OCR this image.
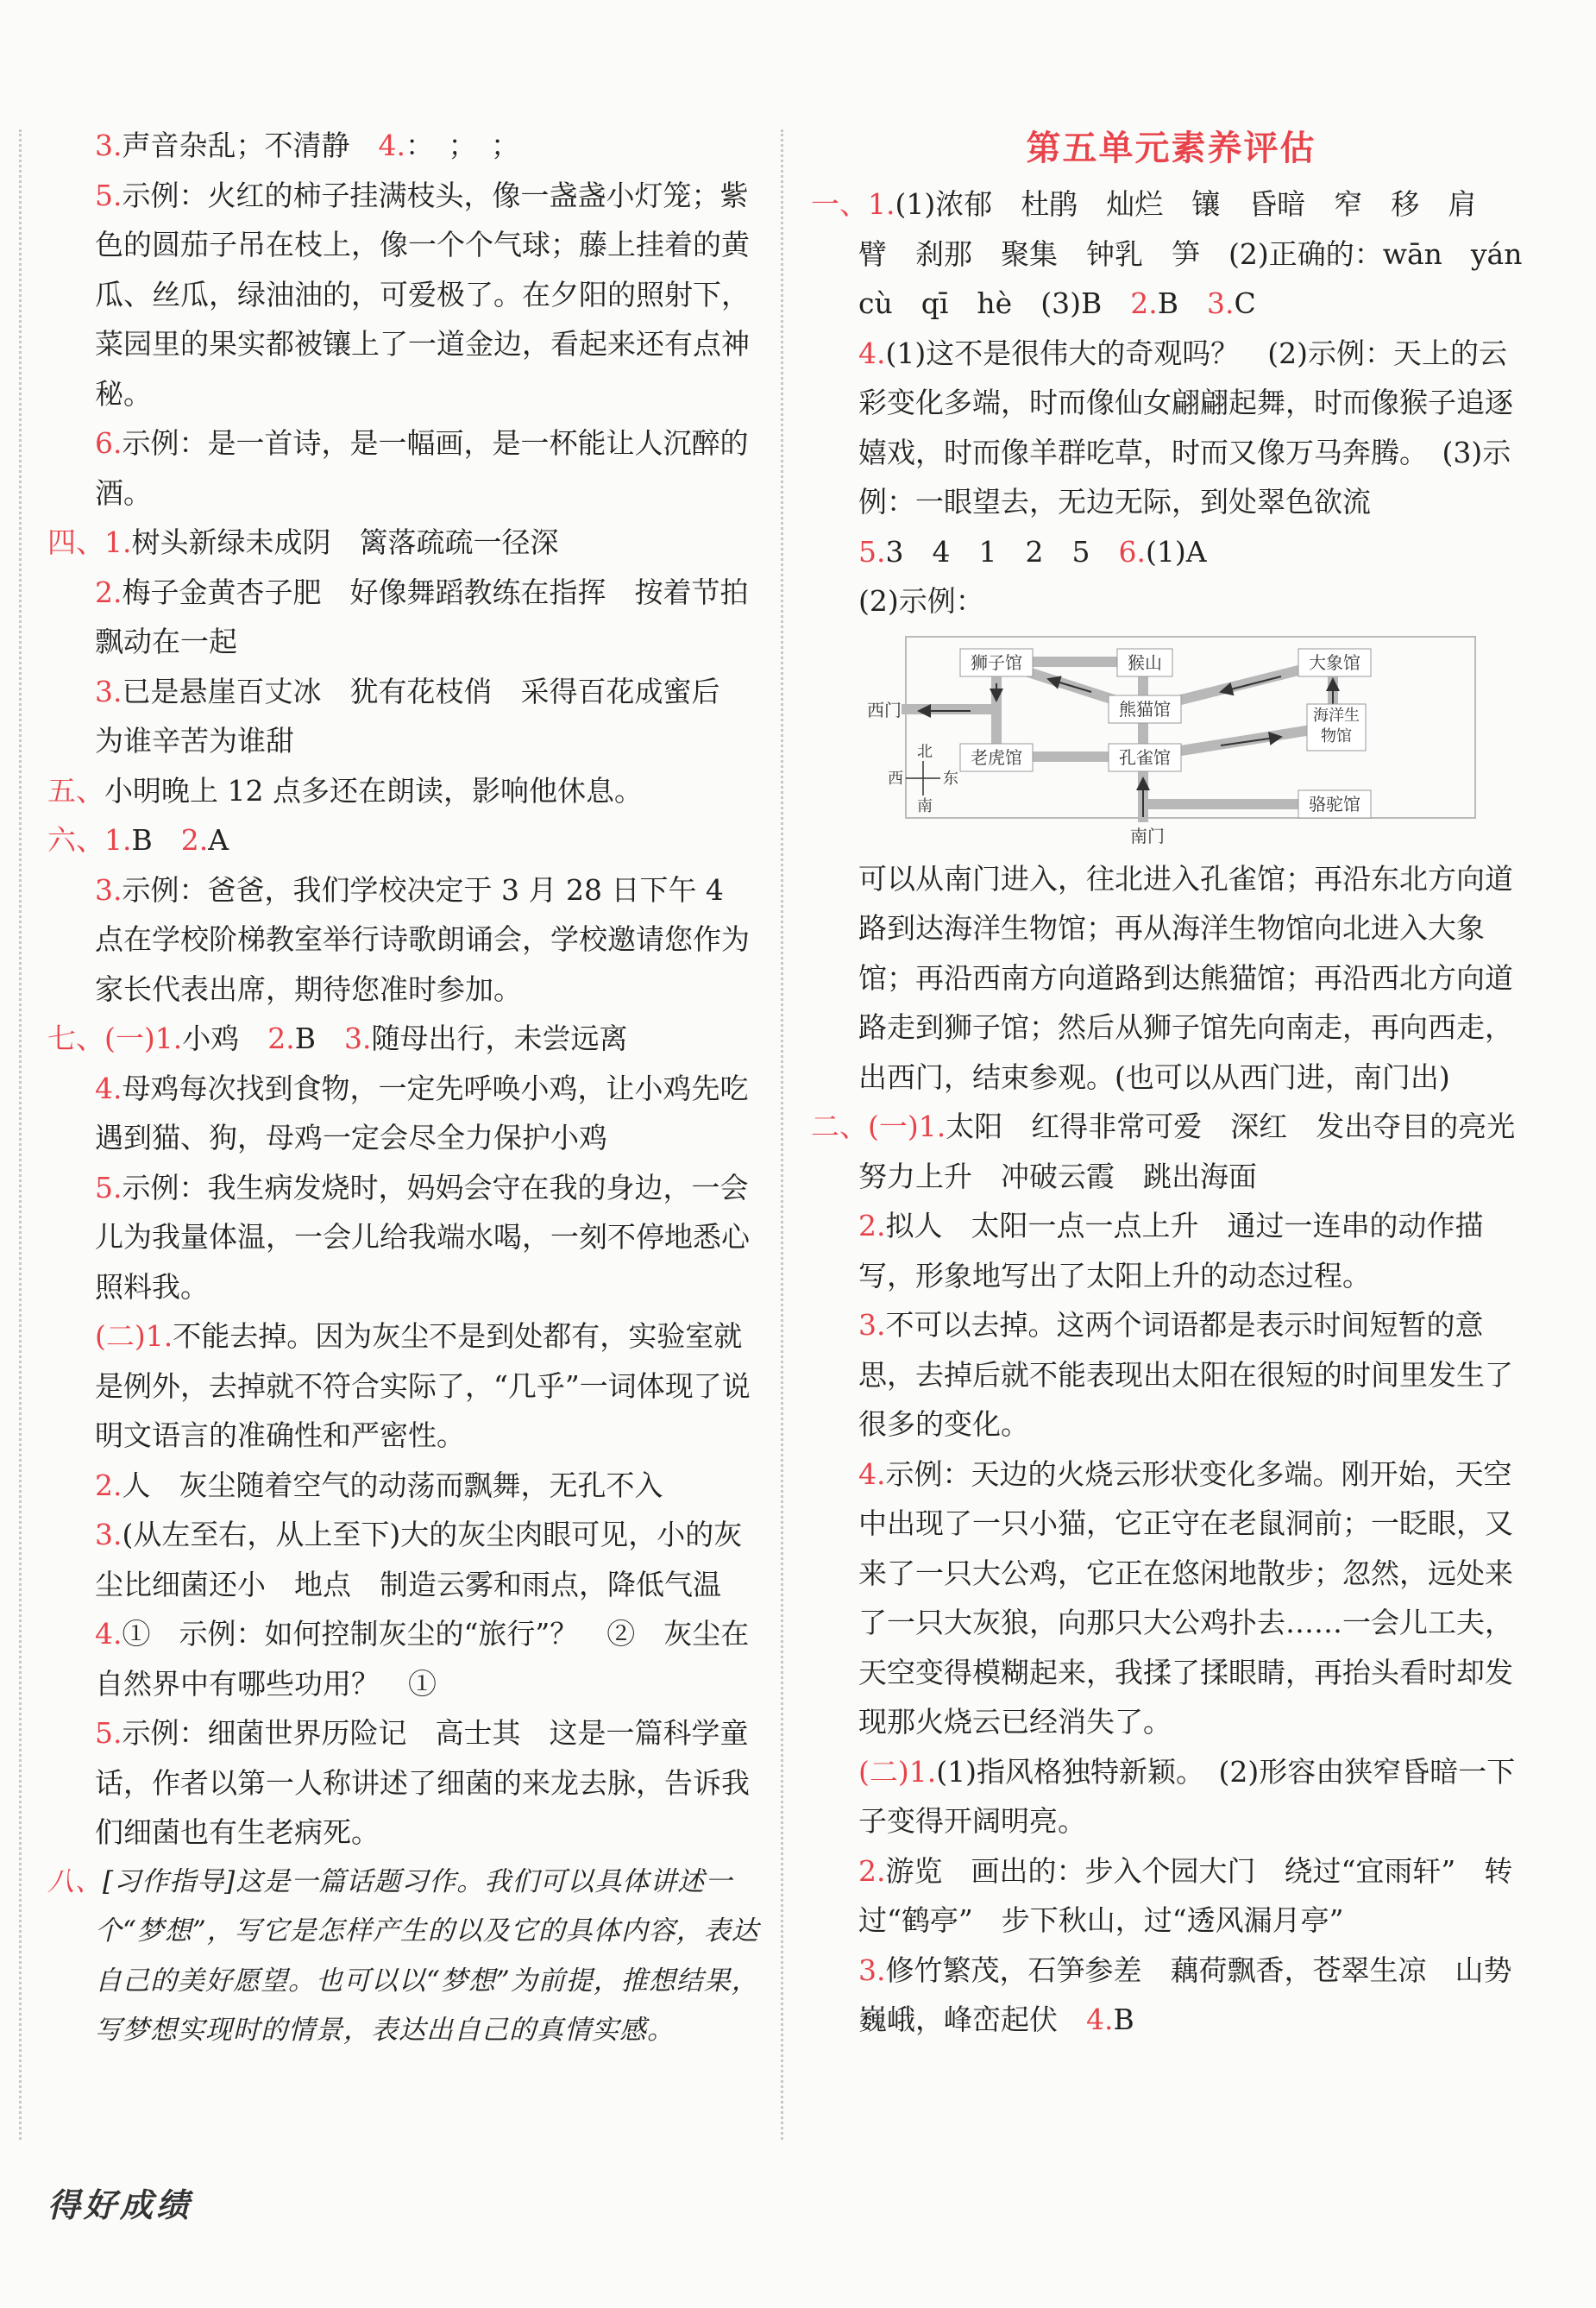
3.声音杂乱；不清静　 4.：　；　；
5.示例：火红的柿子挂满枝头，像一盏盏小灯笼；紫色的圆茄子吊在枝上，像一个个气球；藤上挂着的黄瓜、丝瓜，绿油油的，可爱极了。在夕阳的照射下，菜园里的果实都被镶上了一道金边，看起来还有点神秘。
6.示例：是一首诗，是一幅画，是一杯能让人沉醉的酒。
四、1.树头新绿未成阴　篱落疏疏一径深
2.梅子金黄杏子肥　好像舞蹈教练在指挥　按着节拍飘动在一起
3.已是悬崖百丈冰　犹有花枝俏　采得百花成蜜后　为谁辛苦为谁甜
五、小明晚上 12 点多还在朗读，影响他休息。
六、1.B　 2.A
3.示例：爸爸，我们学校决定于 3 月 28 日下午 4 点在学校阶梯教室举行诗歌朗诵会，学校邀请您作为家长代表出席，期待您准时参加。
七、(一)1.小鸡　 2.B　 3.随母出行，未尝远离
4.母鸡每次找到食物，一定先呼唤小鸡，让小鸡先吃　遇到猫、狗，母鸡一定会尽全力保护小鸡
5.示例：我生病发烧时，妈妈会守在我的身边，一会儿为我量体温，一会儿给我端水喝，一刻不停地悉心照料我。
(二)1.不能去掉。因为灰尘不是到处都有，实验室就是例外，去掉就不符合实际了，“几乎”一词体现了说明文语言的准确性和严密性。
2.人　灰尘随着空气的动荡而飘舞，无孔不入
3.(从左至右，从上至下)大的灰尘肉眼可见，小的灰尘比细菌还小　地点　制造云雾和雨点，降低气温
4.①　示例：如何控制灰尘的“旅行”？　②　灰尘在自然界中有哪些功用？　①
5.示例：细菌世界历险记　高士其　这是一篇科学童话，作者以第一人称讲述了细菌的来龙去脉，告诉我们细菌也有生老病死。
八、[习作指导]这是一篇话题习作。我们可以具体讲述一个“梦想”，写它是怎样产生的以及它的具体内容，表达自己的美好愿望。也可以以“梦想”为前提，推想结果，写梦想实现时的情景，表达出自己的真情实感。
第五单元素养评估
一、1.(1)浓郁　杜鹃　灿烂　镶　昏暗　窄　移　肩　臂　刹那　聚集　钟乳　笋　(2)正确的：wān　yán　cù　qī　hè　(3)B　 2.B　 3.C
4.(1)这不是很伟大的奇观吗？　(2)示例：天上的云彩变化多端，时而像仙女翩翩起舞，时而像猴子追逐嬉戏，时而像羊群吃草，时而又像万马奔腾。　(3)示例：一眼望去，无边无际，到处翠色欲流
5.3　4　1　2　5　 6.(1)A
(2)示例：
狮子馆	猴山	大象馆
西门	熊猫馆	海洋生物馆
老虎馆	孔雀馆
骆驼馆
南门
北
西	东
南
可以从南门进入，往北进入孔雀馆；再沿东北方向道路到达海洋生物馆；再从海洋生物馆向北进入大象馆；再沿西南方向道路到达熊猫馆；再沿西北方向道路走到狮子馆；然后从狮子馆先向南走，再向西走，出西门，结束参观。(也可以从西门进，南门出)
二、(一)1.太阳　红得非常可爱　深红　发出夺目的亮光　努力上升　冲破云霞　跳出海面
2.拟人　太阳一点一点上升　通过一连串的动作描写，形象地写出了太阳上升的动态过程。
3.不可以去掉。这两个词语都是表示时间短暂的意思，去掉后就不能表现出太阳在很短的时间里发生了很多的变化。
4.示例：天边的火烧云形状变化多端。刚开始，天空中出现了一只小猫，它正守在老鼠洞前；一眨眼，又来了一只大公鸡，它正在悠闲地散步；忽然，远处来了一只大灰狼，向那只大公鸡扑去……一会儿工夫，天空变得模糊起来，我揉了揉眼睛，再抬头看时却发现那火烧云已经消失了。
(二)1.(1)指风格独特新颖。　(2)形容由狭窄昏暗一下子变得开阔明亮。
2.游览　画出的：步入个园大门　绕过“宜雨轩”　转过“鹤亭”　步下秋山，过“透风漏月亭”
3.修竹繁茂，石笋参差　藕荷飘香，苍翠生凉　山势巍峨，峰峦起伏　 4.B
得好成绩
